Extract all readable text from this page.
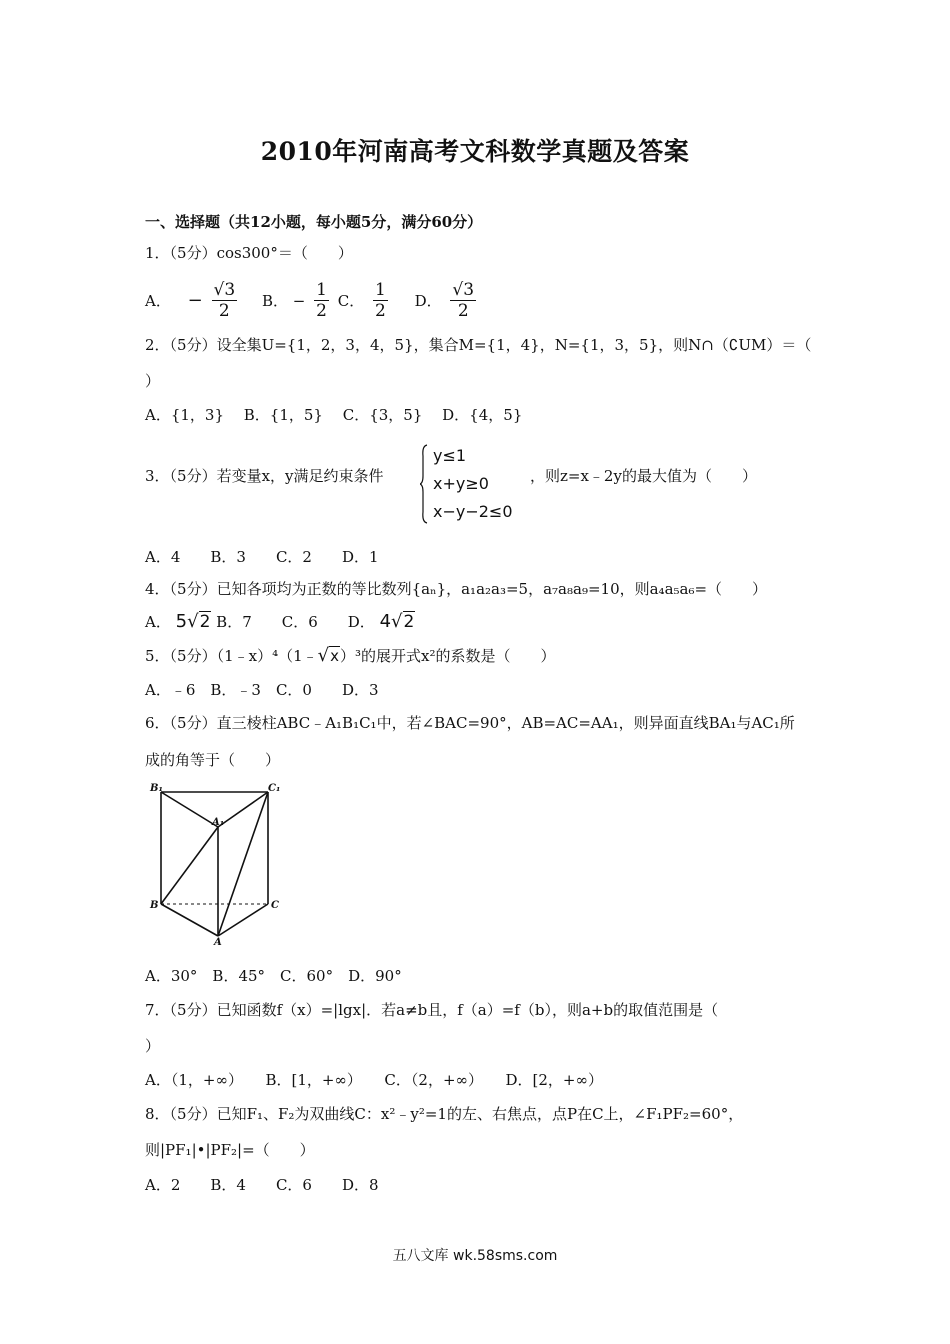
2010年河南高考文科数学真题及答案
一、选择题（共12小题，每小题5分，满分60分）
1．（5分）cos300°＝（　　）
A． − $\frac{√3}{2}$ B． − $\frac{1}{2}$ C． $\frac{1}{2}$ D． $\frac{√3}{2}$
2．（5分）设全集U={1，2，3，4，5}，集合M={1，4}，N={1，3，5}，则N∩（∁UM）＝（
）
A．{1，3}　 B．{1，5}　 C．{3，5}　 D．{4，5}
3．（5分）若变量x，y满足约束条件
y≤1
x+y≥0
x−y−2≤0
，则z=x﹣2y的最大值为（　　）
A．4　　B．3　　C．2　　D．1
4．（5分）已知各项均为正数的等比数列{aₙ}，a₁a₂a₃=5，a₇a₈a₉=10，则a₄a₅a₆=（　　）
A． 5√2 B．7　　C．6　　D． 4√2
5．（5分）（1﹣x）⁴（1﹣√x）³的展开式x²的系数是（　　）
A．﹣6　B．﹣3　C．0　　D．3
6．（5分）直三棱柱ABC﹣A₁B₁C₁中，若∠BAC=90°，AB=AC=AA₁，则异面直线BA₁与AC₁所
成的角等于（　　）
B₁	C₁
A₁
B	C
A
A．30°　B．45°　C．60°　D．90°
7．（5分）已知函数f（x）=|lgx|．若a≠b且，f（a）=f（b），则a+b的取值范围是（
）
A．（1，+∞）　　B．[1，+∞）　　C．（2，+∞）　　D．[2，+∞）
8．（5分）已知F₁、F₂为双曲线C：x²﹣y²=1的左、右焦点，点P在C上，∠F₁PF₂=60°，
则|PF₁|•|PF₂|=（　　）
A．2　　B．4　　C．6　　D．8
五八文库 wk.58sms.com
